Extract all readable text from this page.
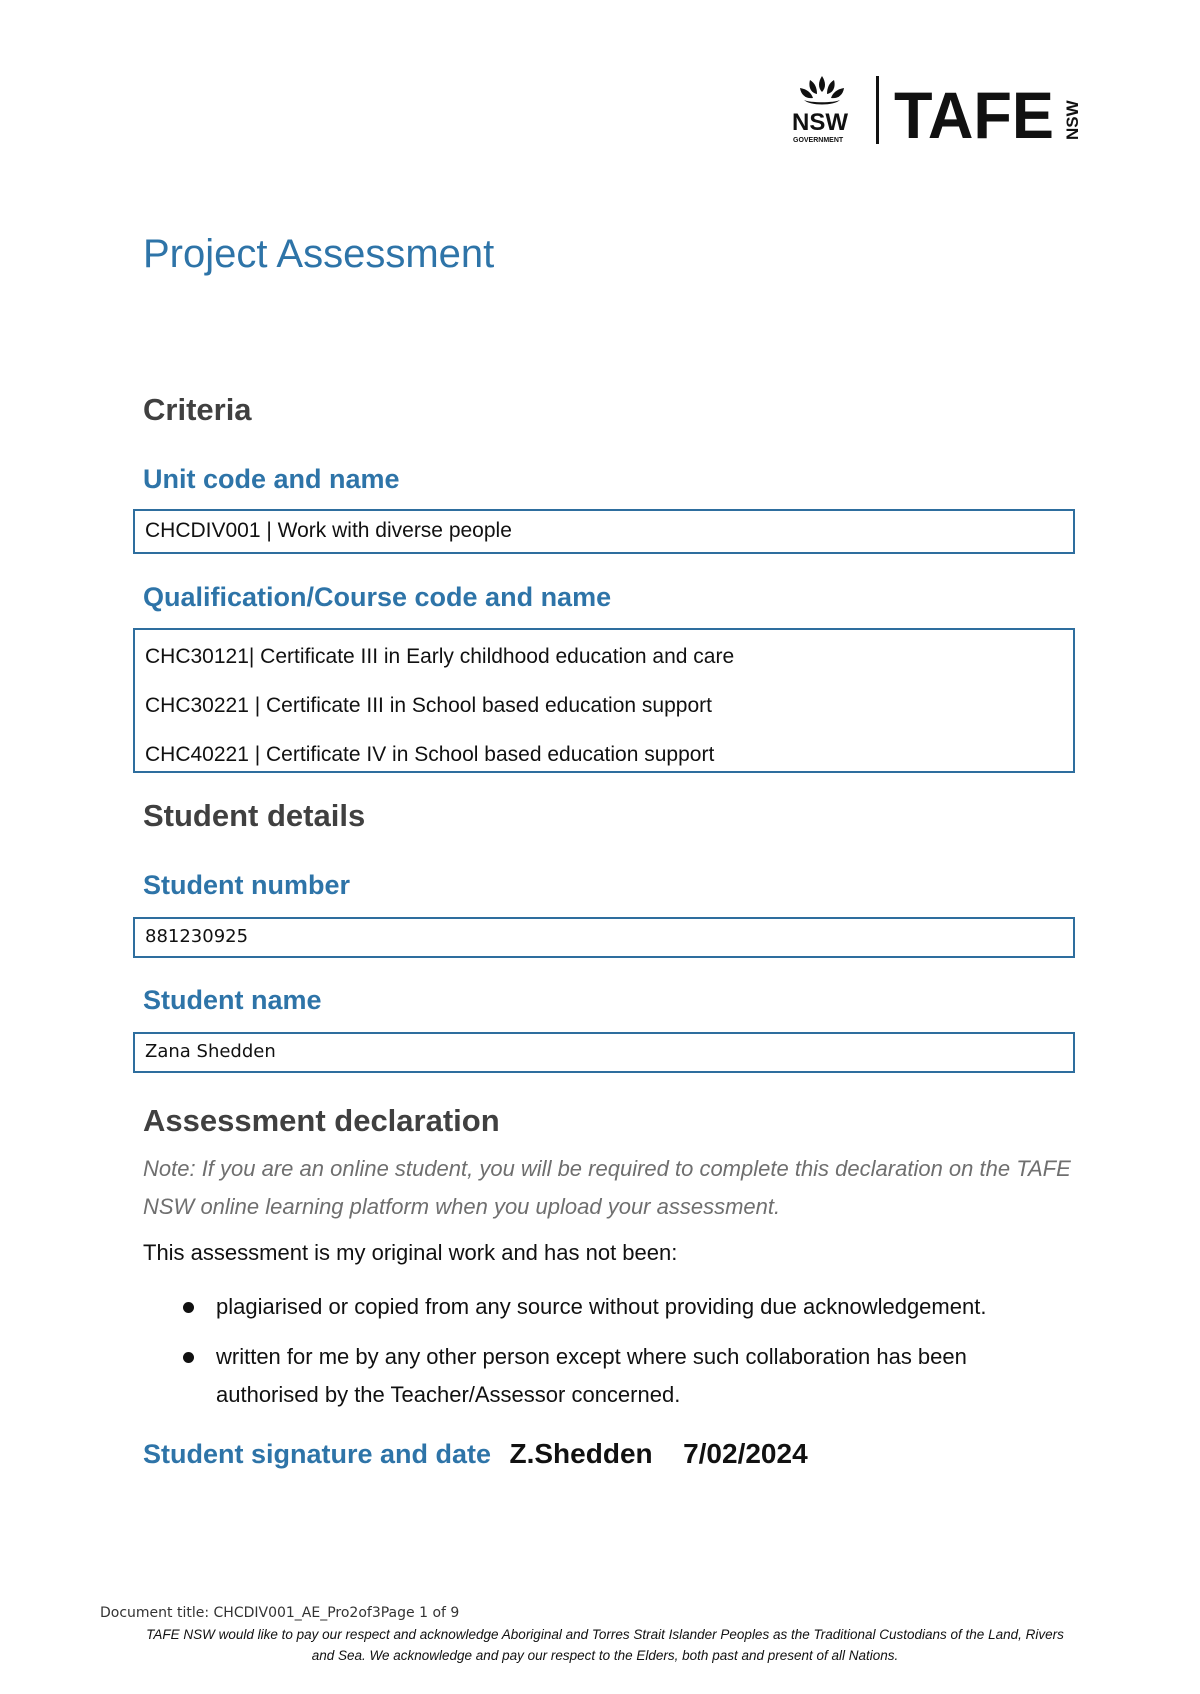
NSW
GOVERNMENT TAFE NSW
Project Assessment
Criteria
Unit code and name
CHCDIV001 | Work with diverse people
Qualification/Course code and name
CHC30121| Certificate III in Early childhood education and care
CHC30221 | Certificate III in School based education support
CHC40221 | Certificate IV in School based education support
Student details
Student number
881230925
Student name
Zana Shedden
Assessment declaration

Note: If you are an online student, you will be required to complete this declaration on the TAFE NSW online learning platform when you upload your assessment.

This assessment is my original work and has not been:

plagiarised or copied from any source without providing due acknowledgement.
written for me by any other person except where such collaboration has been authorised by the Teacher/Assessor concerned.
Student signature and date Z.Shedden 7/02/2024
Document title: CHCDIV001_AE_Pro2of3Page 1 of 9
TAFE NSW would like to pay our respect and acknowledge Aboriginal and Torres Strait Islander Peoples as the Traditional Custodians of the Land, Rivers and Sea. We acknowledge and pay our respect to the Elders, both past and present of all Nations.
